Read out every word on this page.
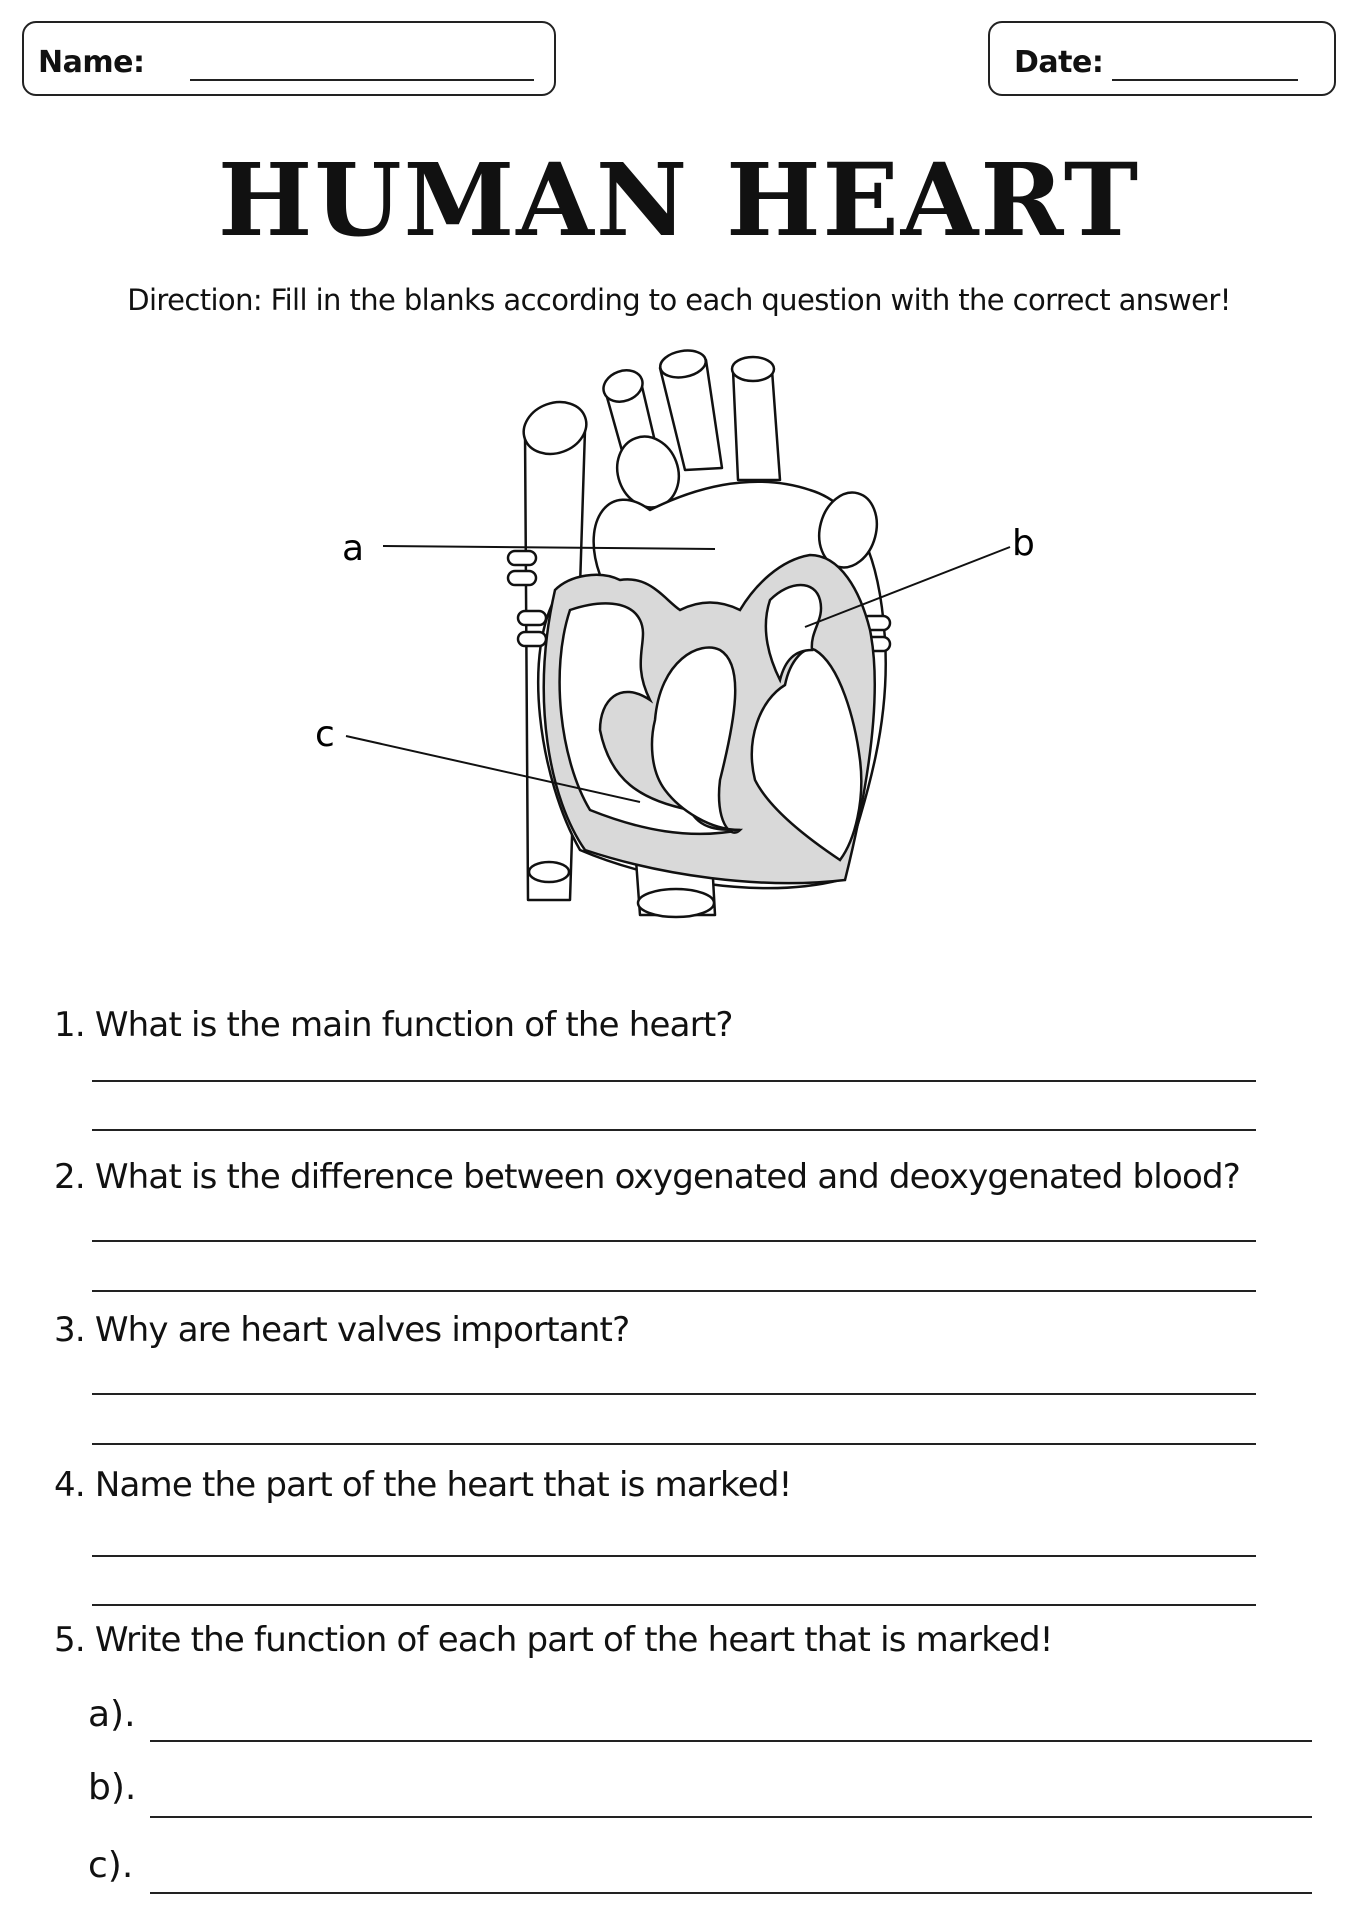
Name:	Date:
HUMAN HEART
Direction: Fill in the blanks according to each question with the correct answer!
a	b
c
1. What is the main function of the heart?
2. What is the difference between oxygenated and deoxygenated blood?
3. Why are heart valves important?
4. Name the part of the heart that is marked!
5. Write the function of each part of the heart that is marked!
a).
b).
c).
